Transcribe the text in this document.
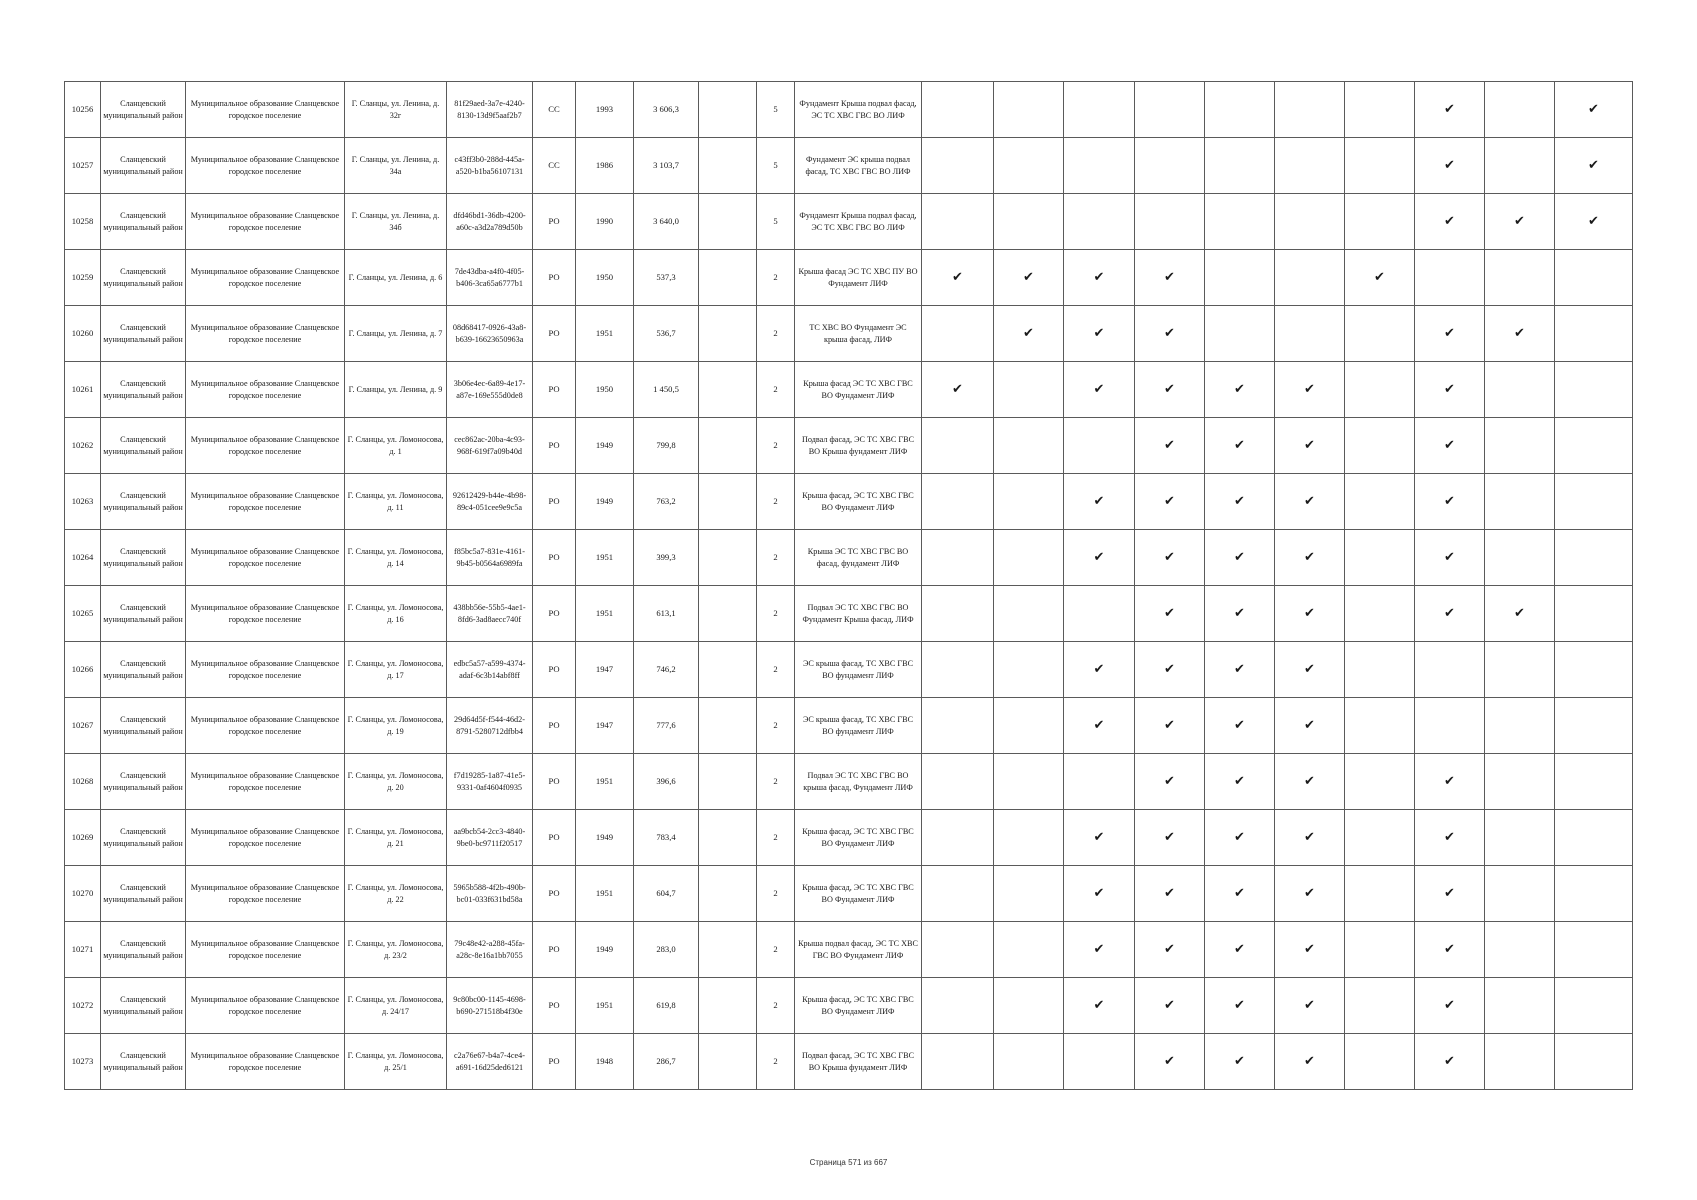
10256	Сланцевский муниципальный район	Муниципальное образование Сланцевское городское поселение	Г. Сланцы, ул. Ленина, д. 32г	81f29aed-3a7e-4240-8130-13d9f5aaf2b7	СС	1993	3 606,3		5	Фундамент Крыша подвал фасад, ЭС ТС ХВС ГВС ВО ЛИФ								✔		✔
10257	Сланцевский муниципальный район	Муниципальное образование Сланцевское городское поселение	Г. Сланцы, ул. Ленина, д. 34а	c43ff3b0-288d-445a-a520-b1ba56107131	СС	1986	3 103,7		5	Фундамент ЭС крыша подвал фасад, ТС ХВС ГВС ВО ЛИФ								✔		✔
10258	Сланцевский муниципальный район	Муниципальное образование Сланцевское городское поселение	Г. Сланцы, ул. Ленина, д. 34б	dfd46bd1-36db-4200-a60c-a3d2a789d50b	РО	1990	3 640,0		5	Фундамент Крыша подвал фасад, ЭС ТС ХВС ГВС ВО ЛИФ								✔	✔	✔
10259	Сланцевский муниципальный район	Муниципальное образование Сланцевское городское поселение	Г. Сланцы, ул. Ленина, д. 6	7de43dba-a4f0-4f05-b406-3ca65a6777b1	РО	1950	537,3		2	Крыша фасад ЭС ТС ХВС ПУ ВО Фундамент ЛИФ	✔	✔	✔	✔			✔			
10260	Сланцевский муниципальный район	Муниципальное образование Сланцевское городское поселение	Г. Сланцы, ул. Ленина, д. 7	08d68417-0926-43a8-b639-16623650963a	РО	1951	536,7		2	ТС ХВС ВО Фундамент ЭС крыша фасад, ЛИФ		✔	✔	✔				✔	✔	
10261	Сланцевский муниципальный район	Муниципальное образование Сланцевское городское поселение	Г. Сланцы, ул. Ленина, д. 9	3b06e4ec-6a89-4e17-a87e-169e555d0de8	РО	1950	1 450,5		2	Крыша фасад ЭС ТС ХВС ГВС ВО Фундамент ЛИФ	✔		✔	✔	✔	✔		✔		
10262	Сланцевский муниципальный район	Муниципальное образование Сланцевское городское поселение	Г. Сланцы, ул. Ломоносова, д. 1	cec862ac-20ba-4c93-968f-619f7a09b40d	РО	1949	799,8		2	Подвал фасад, ЭС ТС ХВС ГВС ВО Крыша фундамент ЛИФ				✔	✔	✔		✔		
10263	Сланцевский муниципальный район	Муниципальное образование Сланцевское городское поселение	Г. Сланцы, ул. Ломоносова, д. 11	92612429-b44e-4b98-89c4-051cee9e9c5a	РО	1949	763,2		2	Крыша фасад, ЭС ТС ХВС ГВС ВО Фундамент ЛИФ			✔	✔	✔	✔		✔		
10264	Сланцевский муниципальный район	Муниципальное образование Сланцевское городское поселение	Г. Сланцы, ул. Ломоносова, д. 14	f85bc5a7-831e-4161-9b45-b0564a6989fa	РО	1951	399,3		2	Крыша ЭС ТС ХВС ГВС ВО фасад, фундамент ЛИФ			✔	✔	✔	✔		✔		
10265	Сланцевский муниципальный район	Муниципальное образование Сланцевское городское поселение	Г. Сланцы, ул. Ломоносова, д. 16	438bb56e-55b5-4ae1-8fd6-3ad8aecc740f	РО	1951	613,1		2	Подвал ЭС ТС ХВС ГВС ВО Фундамент Крыша фасад, ЛИФ				✔	✔	✔		✔	✔	
10266	Сланцевский муниципальный район	Муниципальное образование Сланцевское городское поселение	Г. Сланцы, ул. Ломоносова, д. 17	edbc5a57-a599-4374-adaf-6c3b14abf8ff	РО	1947	746,2		2	ЭС крыша фасад, ТС ХВС ГВС ВО фундамент ЛИФ			✔	✔	✔	✔				
10267	Сланцевский муниципальный район	Муниципальное образование Сланцевское городское поселение	Г. Сланцы, ул. Ломоносова, д. 19	29d64d5f-f544-46d2-8791-5280712dfbb4	РО	1947	777,6		2	ЭС крыша фасад, ТС ХВС ГВС ВО фундамент ЛИФ			✔	✔	✔	✔				
10268	Сланцевский муниципальный район	Муниципальное образование Сланцевское городское поселение	Г. Сланцы, ул. Ломоносова, д. 20	f7d19285-1a87-41e5-9331-0af4604f0935	РО	1951	396,6		2	Подвал ЭС ТС ХВС ГВС ВО крыша фасад, Фундамент ЛИФ				✔	✔	✔		✔		
10269	Сланцевский муниципальный район	Муниципальное образование Сланцевское городское поселение	Г. Сланцы, ул. Ломоносова, д. 21	aa9bcb54-2cc3-4840-9be0-bc9711f20517	РО	1949	783,4		2	Крыша фасад, ЭС ТС ХВС ГВС ВО Фундамент ЛИФ			✔	✔	✔	✔		✔		
10270	Сланцевский муниципальный район	Муниципальное образование Сланцевское городское поселение	Г. Сланцы, ул. Ломоносова, д. 22	5965b588-4f2b-490b-bc01-033f631bd58a	РО	1951	604,7		2	Крыша фасад, ЭС ТС ХВС ГВС ВО Фундамент ЛИФ			✔	✔	✔	✔		✔		
10271	Сланцевский муниципальный район	Муниципальное образование Сланцевское городское поселение	Г. Сланцы, ул. Ломоносова, д. 23/2	79c48e42-a288-45fa-a28c-8e16a1bb7055	РО	1949	283,0		2	Крыша подвал фасад, ЭС ТС ХВС ГВС ВО Фундамент ЛИФ			✔	✔	✔	✔		✔		
10272	Сланцевский муниципальный район	Муниципальное образование Сланцевское городское поселение	Г. Сланцы, ул. Ломоносова, д. 24/17	9c80bc00-1145-4698-b690-271518b4f30e	РО	1951	619,8		2	Крыша фасад, ЭС ТС ХВС ГВС ВО Фундамент ЛИФ			✔	✔	✔	✔		✔		
10273	Сланцевский муниципальный район	Муниципальное образование Сланцевское городское поселение	Г. Сланцы, ул. Ломоносова, д. 25/1	c2a76e67-b4a7-4ce4-a691-16d25ded6121	РО	1948	286,7		2	Подвал фасад, ЭС ТС ХВС ГВС ВО Крыша фундамент ЛИФ				✔	✔	✔		✔		
Страница 571 из 667
